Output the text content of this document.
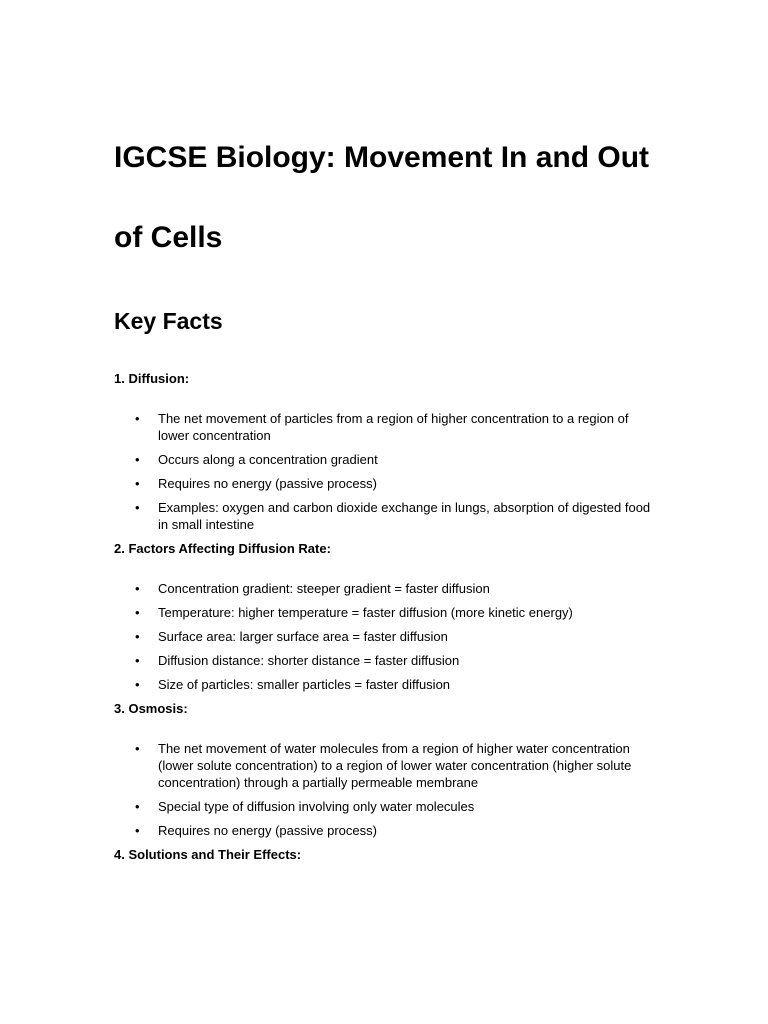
IGCSE Biology: Movement In and Out of Cells
Key Facts
1. Diffusion:
• The net movement of particles from a region of higher concentration to a region of lower concentration
• Occurs along a concentration gradient
• Requires no energy (passive process)
• Examples: oxygen and carbon dioxide exchange in lungs, absorption of digested food in small intestine
2. Factors Affecting Diffusion Rate:
• Concentration gradient: steeper gradient = faster diffusion
• Temperature: higher temperature = faster diffusion (more kinetic energy)
• Surface area: larger surface area = faster diffusion
• Diffusion distance: shorter distance = faster diffusion
• Size of particles: smaller particles = faster diffusion
3. Osmosis:
• The net movement of water molecules from a region of higher water concentration (lower solute concentration) to a region of lower water concentration (higher solute concentration) through a partially permeable membrane
• Special type of diffusion involving only water molecules
• Requires no energy (passive process)
4. Solutions and Their Effects:
